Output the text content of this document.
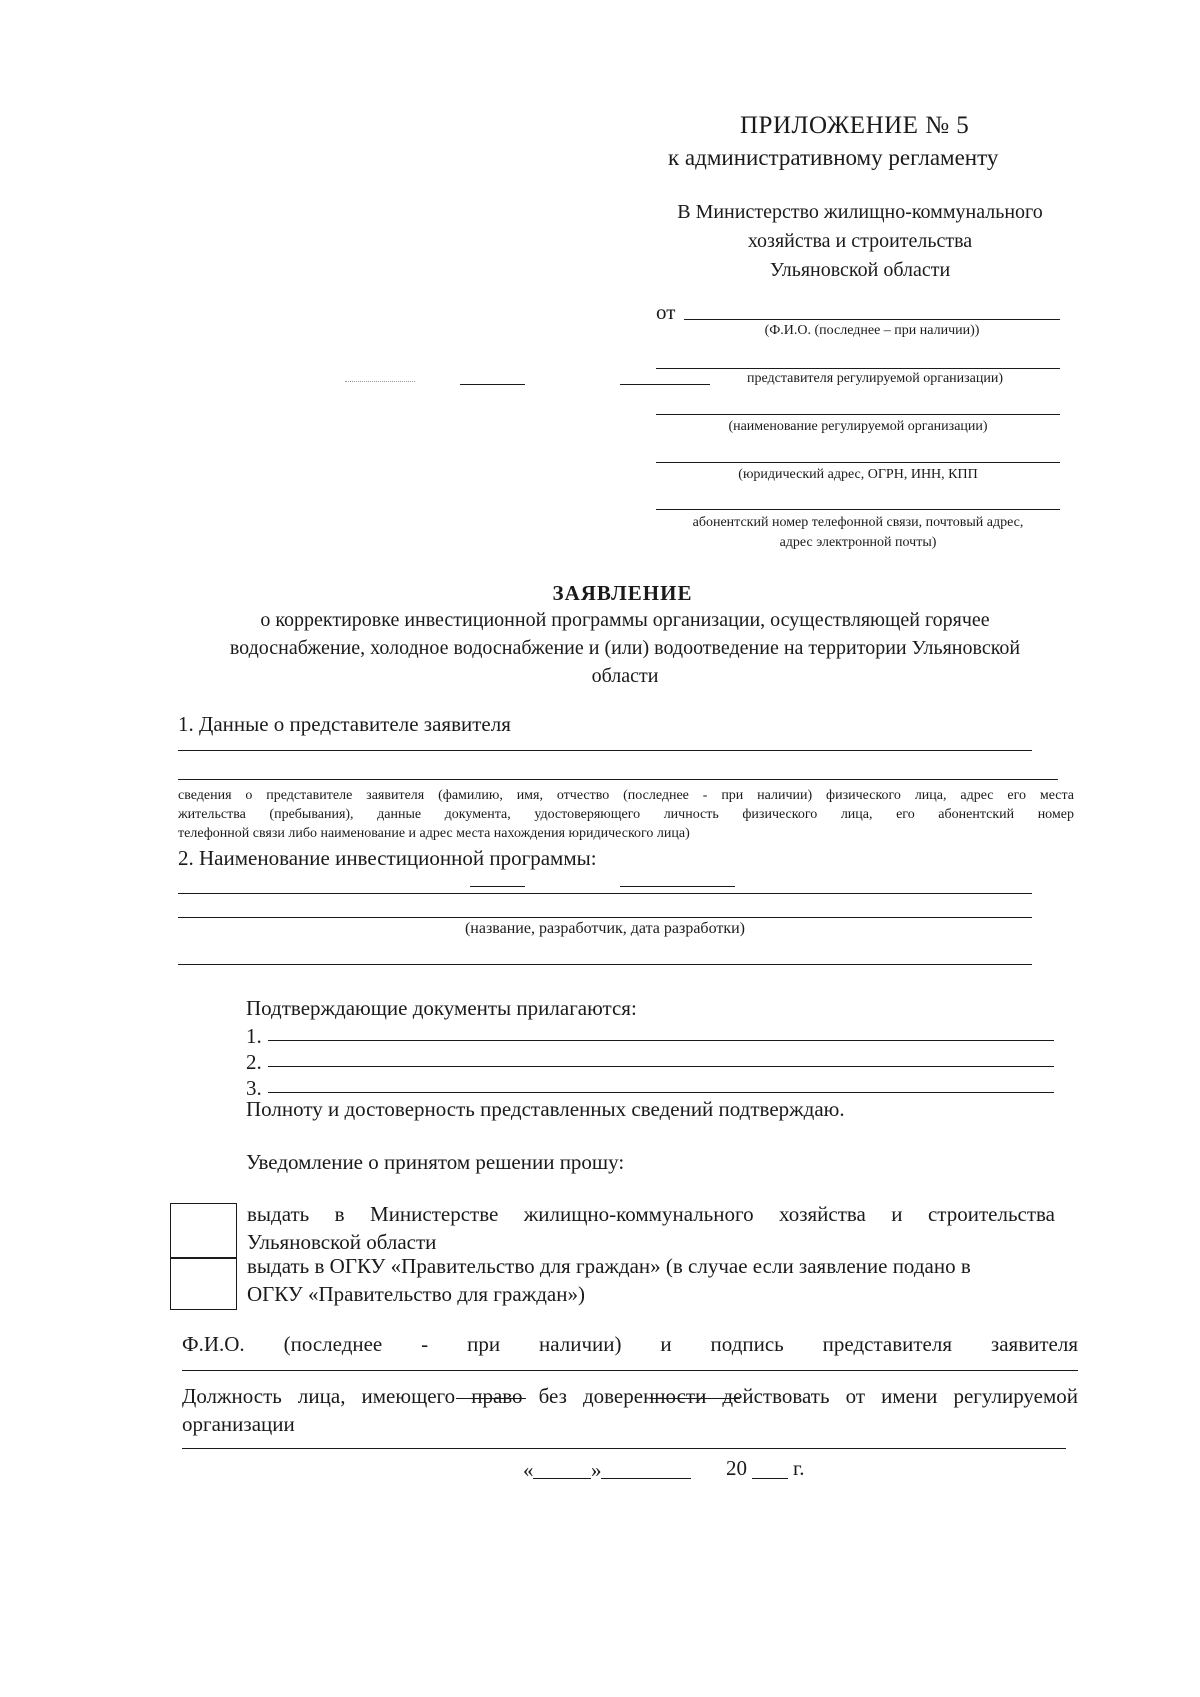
ПРИЛОЖЕНИЕ № 5
к административному регламенту
В Министерство жилищно-коммунального
хозяйства и строительства
Ульяновской области
от
(Ф.И.О. (последнее – при наличии))
представителя регулируемой организации)
(наименование регулируемой организации)
(юридический адрес, ОГРН, ИНН, КПП
абонентский номер телефонной связи, почтовый адрес,
адрес электронной почты)
ЗАЯВЛЕНИЕ
о корректировке инвестиционной программы организации, осуществляющей горячее
водоснабжение, холодное водоснабжение и (или) водоотведение на территории Ульяновской
области
1. Данные о представителе заявителя
сведения о представителе заявителя (фамилию, имя, отчество (последнее - при наличии) физического лица, адрес его места
жительства (пребывания), данные документа, удостоверяющего личность физического лица, его абонентский номер
телефонной связи либо наименование и адрес места нахождения юридического лица)
2. Наименование инвестиционной программы:
(название, разработчик, дата разработки)
Подтверждающие документы прилагаются:
1.
2.
3.
Полноту и достоверность представленных сведений подтверждаю.
Уведомление о принятом решении прошу:
выдать в Министерстве жилищно-коммунального хозяйства и строительства
Ульяновской области
выдать в ОГКУ «Правительство для граждан» (в случае если заявление подано в
ОГКУ «Правительство для граждан»)
Ф.И.О. (последнее - при наличии) и подпись представителя заявителя
Должность лица, имеющего право без доверенности действовать от имени регулируемой
организации
«	»	20 г.
